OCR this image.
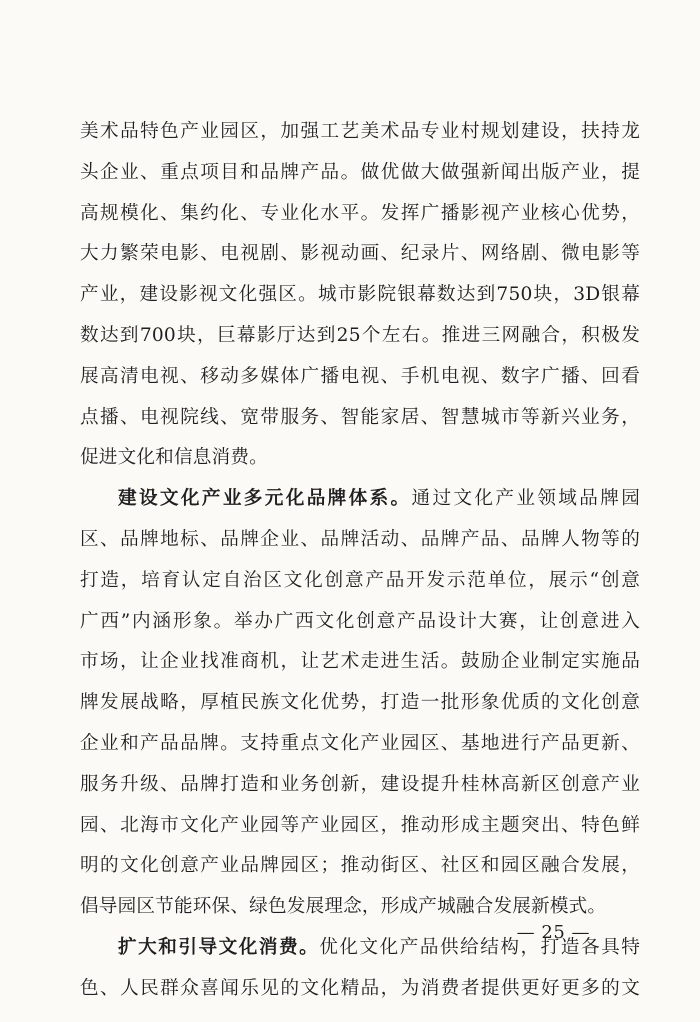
美术品特色产业园区，加强工艺美术品专业村规划建设，扶持龙
头企业、重点项目和品牌产品。做优做大做强新闻出版产业，提
高规模化、集约化、专业化水平。发挥广播影视产业核心优势，
大力繁荣电影、电视剧、影视动画、纪录片、网络剧、微电影等
产业，建设影视文化强区。城市影院银幕数达到750块，3D银幕
数达到700块，巨幕影厅达到25个左右。推进三网融合，积极发
展高清电视、移动多媒体广播电视、手机电视、数字广播、回看
点播、电视院线、宽带服务、智能家居、智慧城市等新兴业务，
促进文化和信息消费。
建设文化产业多元化品牌体系。通过文化产业领域品牌园
区、品牌地标、品牌企业、品牌活动、品牌产品、品牌人物等的
打造，培育认定自治区文化创意产品开发示范单位，展示“创意
广西”内涵形象。举办广西文化创意产品设计大赛，让创意进入
市场，让企业找准商机，让艺术走进生活。鼓励企业制定实施品
牌发展战略，厚植民族文化优势，打造一批形象优质的文化创意
企业和产品品牌。支持重点文化产业园区、基地进行产品更新、
服务升级、品牌打造和业务创新，建设提升桂林高新区创意产业
园、北海市文化产业园等产业园区，推动形成主题突出、特色鲜
明的文化创意产业品牌园区；推动街区、社区和园区融合发展，
倡导园区节能环保、绿色发展理念，形成产城融合发展新模式。
扩大和引导文化消费。优化文化产品供给结构，打造各具特
色、人民群众喜闻乐见的文化精品，为消费者提供更好更多的文
— 25 —
